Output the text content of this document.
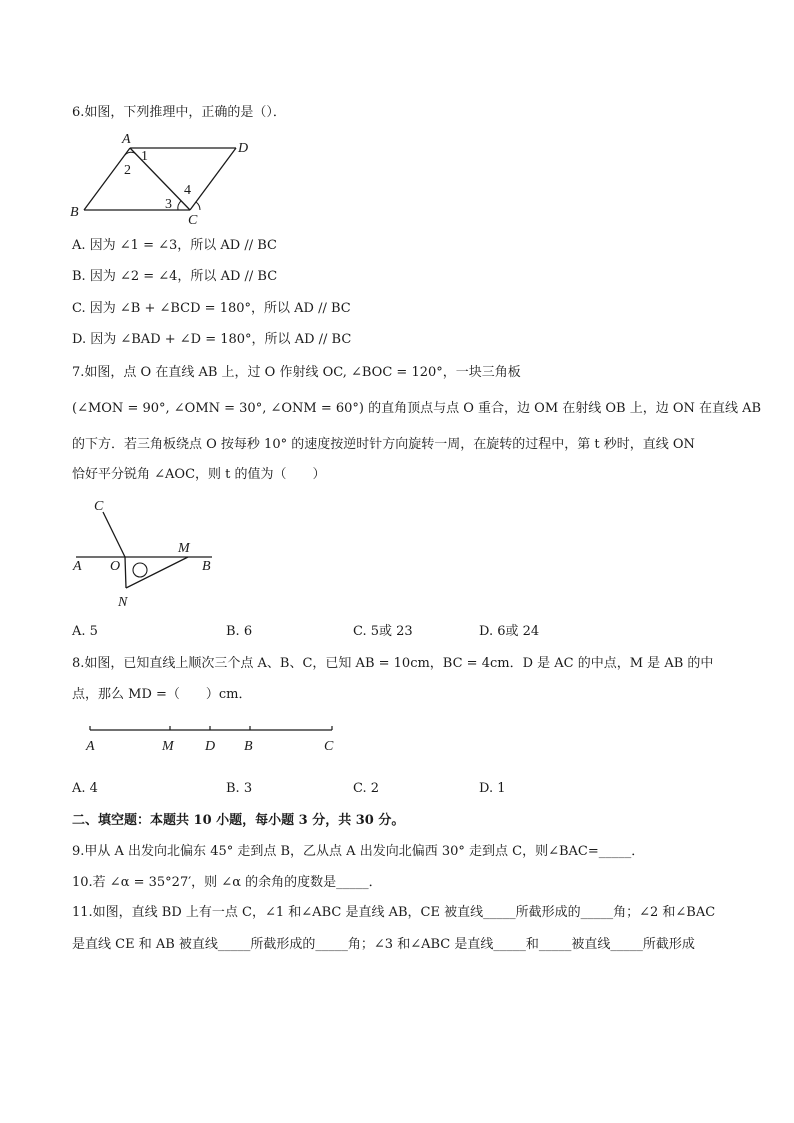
6.如图，下列推理中，正确的是（）．
A
D
B
C
1
2
3
4
A. 因为 ∠1 = ∠3，所以 AD // BC
B. 因为 ∠2 = ∠4，所以 AD // BC
C. 因为 ∠B + ∠BCD = 180°，所以 AD // BC
D. 因为 ∠BAD + ∠D = 180°，所以 AD // BC
7.如图，点 O 在直线 AB 上，过 O 作射线 OC, ∠BOC = 120°，一块三角板
(∠MON = 90°, ∠OMN = 30°, ∠ONM = 60°) 的直角顶点与点 O 重合，边 OM 在射线 OB 上，边 ON 在直线 AB
的下方．若三角板绕点 O 按每秒 10° 的速度按逆时针方向旋转一周，在旋转的过程中，第 t 秒时，直线 ON
恰好平分锐角 ∠AOC，则 t 的值为（　　）
C
A O
M
B
N
A. 5	B. 6	C. 5或 23	D. 6或 24
8.如图，已知直线上顺次三个点 A、B、C，已知 AB = 10cm，BC = 4cm．D 是 AC 的中点，M 是 AB 的中
点，那么 MD =（　　）cm．
A	M D B	C
A. 4	B. 3	C. 2	D. 1
二、填空题：本题共 10 小题，每小题 3 分，共 30 分。
9.甲从 A 出发向北偏东 45° 走到点 B，乙从点 A 出发向北偏西 30° 走到点 C，则∠BAC=_____．
10.若 ∠α = 35°27′，则 ∠α 的余角的度数是_____．
11.如图，直线 BD 上有一点 C，∠1 和∠ABC 是直线 AB，CE 被直线_____所截形成的_____角；∠2 和∠BAC
是直线 CE 和 AB 被直线_____所截形成的_____角；∠3 和∠ABC 是直线_____和_____被直线_____所截形成
